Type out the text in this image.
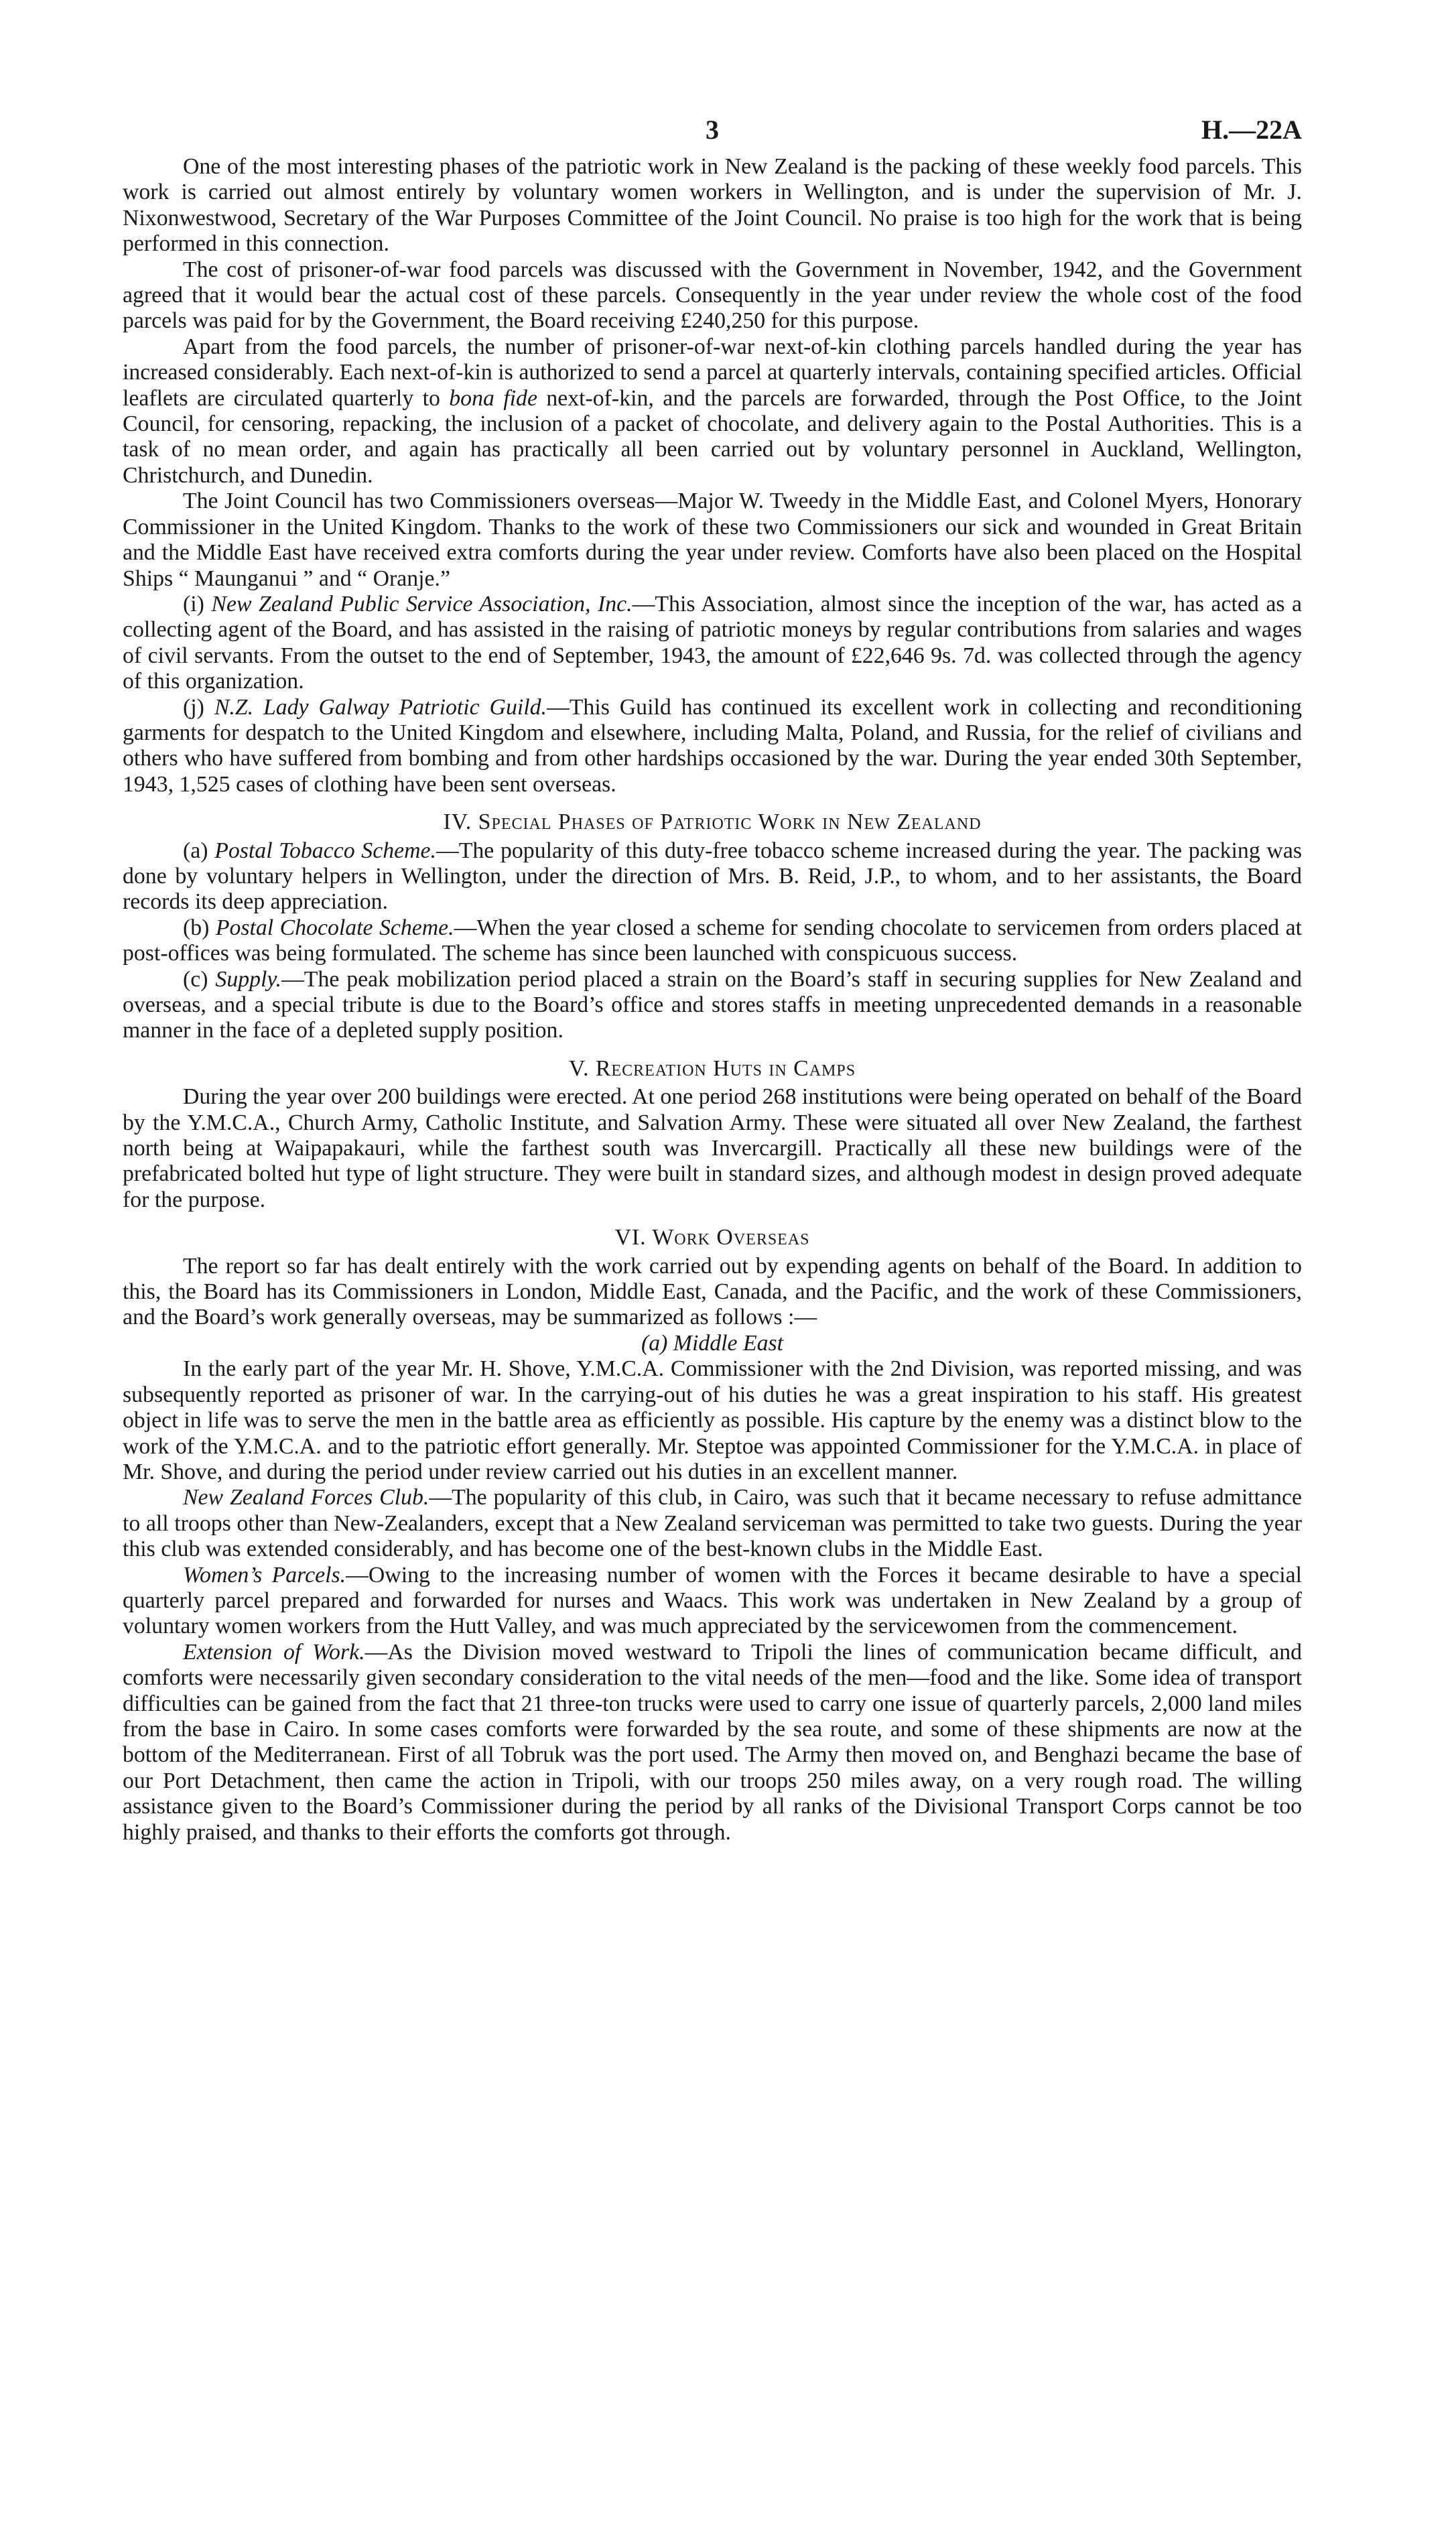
3	H.—22A

One of the most interesting phases of the patriotic work in New Zealand is the packing of these weekly food parcels. This work is carried out almost entirely by voluntary women workers in Wellington, and is under the supervision of Mr. J. Nixonwestwood, Secretary of the War Purposes Committee of the Joint Council. No praise is too high for the work that is being performed in this connection.

The cost of prisoner-of-war food parcels was discussed with the Government in November, 1942, and the Government agreed that it would bear the actual cost of these parcels. Consequently in the year under review the whole cost of the food parcels was paid for by the Government, the Board receiving £240,250 for this purpose.

Apart from the food parcels, the number of prisoner-of-war next-of-kin clothing parcels handled during the year has increased considerably. Each next-of-kin is authorized to send a parcel at quarterly intervals, containing specified articles. Official leaflets are circulated quarterly to bona fide next-of-kin, and the parcels are forwarded, through the Post Office, to the Joint Council, for censoring, repacking, the inclusion of a packet of chocolate, and delivery again to the Postal Authorities. This is a task of no mean order, and again has practically all been carried out by voluntary personnel in Auckland, Wellington, Christchurch, and Dunedin.

The Joint Council has two Commissioners overseas—Major W. Tweedy in the Middle East, and Colonel Myers, Honorary Commissioner in the United Kingdom. Thanks to the work of these two Commissioners our sick and wounded in Great Britain and the Middle East have received extra comforts during the year under review. Comforts have also been placed on the Hospital Ships “ Maunganui ” and “ Oranje.”

(i) New Zealand Public Service Association, Inc.—This Association, almost since the inception of the war, has acted as a collecting agent of the Board, and has assisted in the raising of patriotic moneys by regular contributions from salaries and wages of civil servants. From the outset to the end of September, 1943, the amount of £22,646 9s. 7d. was collected through the agency of this organization.

(j) N.Z. Lady Galway Patriotic Guild.—This Guild has continued its excellent work in collecting and reconditioning garments for despatch to the United Kingdom and elsewhere, including Malta, Poland, and Russia, for the relief of civilians and others who have suffered from bombing and from other hardships occasioned by the war. During the year ended 30th September, 1943, 1,525 cases of clothing have been sent overseas.

IV. Special Phases of Patriotic Work in New Zealand

(a) Postal Tobacco Scheme.—The popularity of this duty-free tobacco scheme increased during the year. The packing was done by voluntary helpers in Wellington, under the direction of Mrs. B. Reid, J.P., to whom, and to her assistants, the Board records its deep appreciation.

(b) Postal Chocolate Scheme.—When the year closed a scheme for sending chocolate to servicemen from orders placed at post-offices was being formulated. The scheme has since been launched with conspicuous success.

(c) Supply.—The peak mobilization period placed a strain on the Board’s staff in securing supplies for New Zealand and overseas, and a special tribute is due to the Board’s office and stores staffs in meeting unprecedented demands in a reasonable manner in the face of a depleted supply position.

V. Recreation Huts in Camps

During the year over 200 buildings were erected. At one period 268 institutions were being operated on behalf of the Board by the Y.M.C.A., Church Army, Catholic Institute, and Salvation Army. These were situated all over New Zealand, the farthest north being at Waipapakauri, while the farthest south was Invercargill. Practically all these new buildings were of the prefabricated bolted hut type of light structure. They were built in standard sizes, and although modest in design proved adequate for the purpose.

VI. Work Overseas

The report so far has dealt entirely with the work carried out by expending agents on behalf of the Board. In addition to this, the Board has its Commissioners in London, Middle East, Canada, and the Pacific, and the work of these Commissioners, and the Board’s work generally overseas, may be summarized as follows :—

(a) Middle East

In the early part of the year Mr. H. Shove, Y.M.C.A. Commissioner with the 2nd Division, was reported missing, and was subsequently reported as prisoner of war. In the carrying-out of his duties he was a great inspiration to his staff. His greatest object in life was to serve the men in the battle area as efficiently as possible. His capture by the enemy was a distinct blow to the work of the Y.M.C.A. and to the patriotic effort generally. Mr. Steptoe was appointed Commissioner for the Y.M.C.A. in place of Mr. Shove, and during the period under review carried out his duties in an excellent manner.

New Zealand Forces Club.—The popularity of this club, in Cairo, was such that it became necessary to refuse admittance to all troops other than New-Zealanders, except that a New Zealand serviceman was permitted to take two guests. During the year this club was extended considerably, and has become one of the best-known clubs in the Middle East.

Women’s Parcels.—Owing to the increasing number of women with the Forces it became desirable to have a special quarterly parcel prepared and forwarded for nurses and Waacs. This work was undertaken in New Zealand by a group of voluntary women workers from the Hutt Valley, and was much appreciated by the servicewomen from the commencement.

Extension of Work.—As the Division moved westward to Tripoli the lines of communication became difficult, and comforts were necessarily given secondary consideration to the vital needs of the men—food and the like. Some idea of transport difficulties can be gained from the fact that 21 three-ton trucks were used to carry one issue of quarterly parcels, 2,000 land miles from the base in Cairo. In some cases comforts were forwarded by the sea route, and some of these shipments are now at the bottom of the Mediterranean. First of all Tobruk was the port used. The Army then moved on, and Benghazi became the base of our Port Detachment, then came the action in Tripoli, with our troops 250 miles away, on a very rough road. The willing assistance given to the Board’s Commissioner during the period by all ranks of the Divisional Transport Corps cannot be too highly praised, and thanks to their efforts the comforts got through.
